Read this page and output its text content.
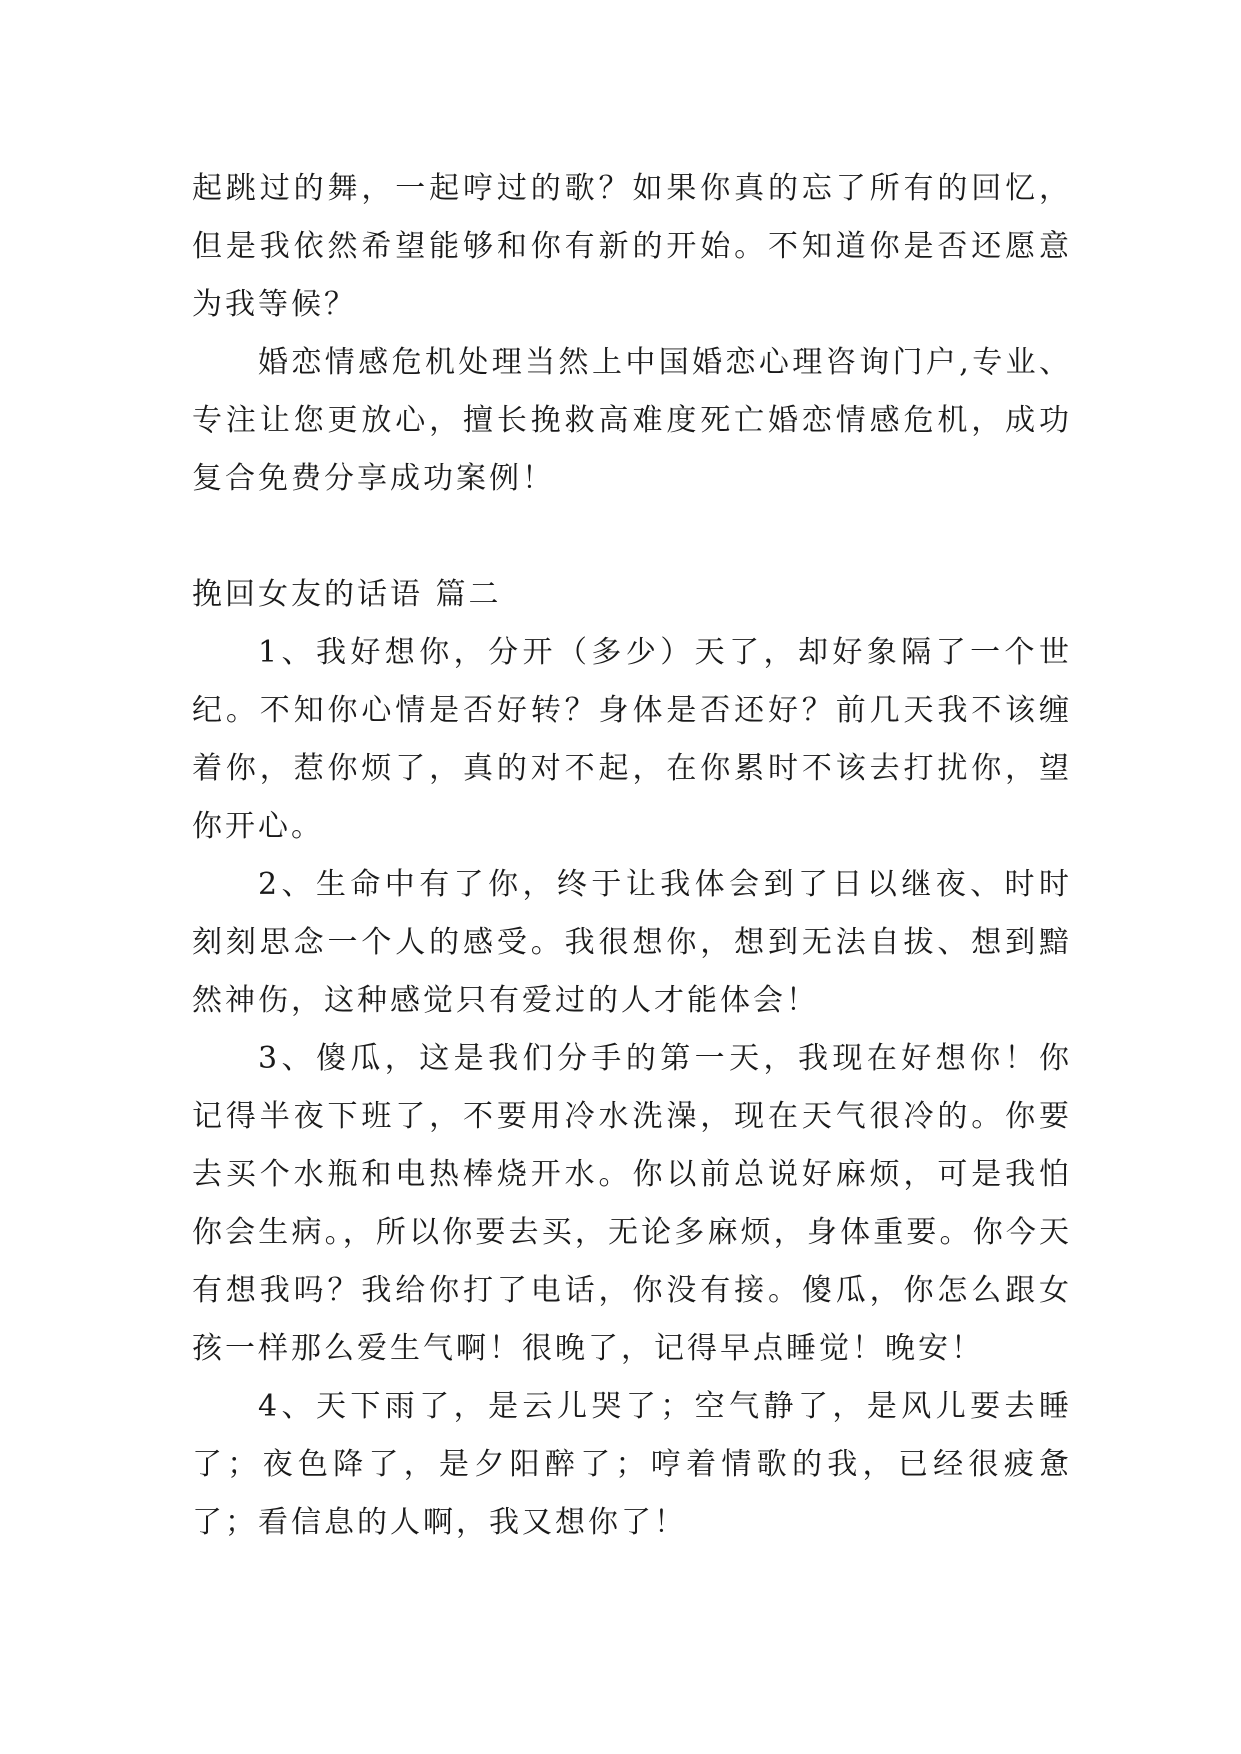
起跳过的舞，一起哼过的歌？如果你真的忘了所有的回忆，但是我依然希望能够和你有新的开始。不知道你是否还愿意为我等候？

婚恋情感危机处理当然上中国婚恋心理咨询门户,专业、专注让您更放心，擅长挽救高难度死亡婚恋情感危机，成功复合免费分享成功案例！

挽回女友的话语 篇二

1、我好想你，分开（多少）天了，却好象隔了一个世纪。不知你心情是否好转？身体是否还好？前几天我不该缠着你，惹你烦了，真的对不起，在你累时不该去打扰你，望你开心。

2、生命中有了你，终于让我体会到了日以继夜、时时刻刻思念一个人的感受。我很想你，想到无法自拔、想到黯然神伤，这种感觉只有爱过的人才能体会！

3、傻瓜，这是我们分手的第一天，我现在好想你！你记得半夜下班了，不要用冷水洗澡，现在天气很冷的。你要去买个水瓶和电热棒烧开水。你以前总说好麻烦，可是我怕你会生病。，所以你要去买，无论多麻烦，身体重要。你今天有想我吗？我给你打了电话，你没有接。傻瓜，你怎么跟女孩一样那么爱生气啊！很晚了，记得早点睡觉！晚安！

4、天下雨了，是云儿哭了；空气静了，是风儿要去睡了；夜色降了，是夕阳醉了；哼着情歌的我，已经很疲惫了；看信息的人啊，我又想你了！
